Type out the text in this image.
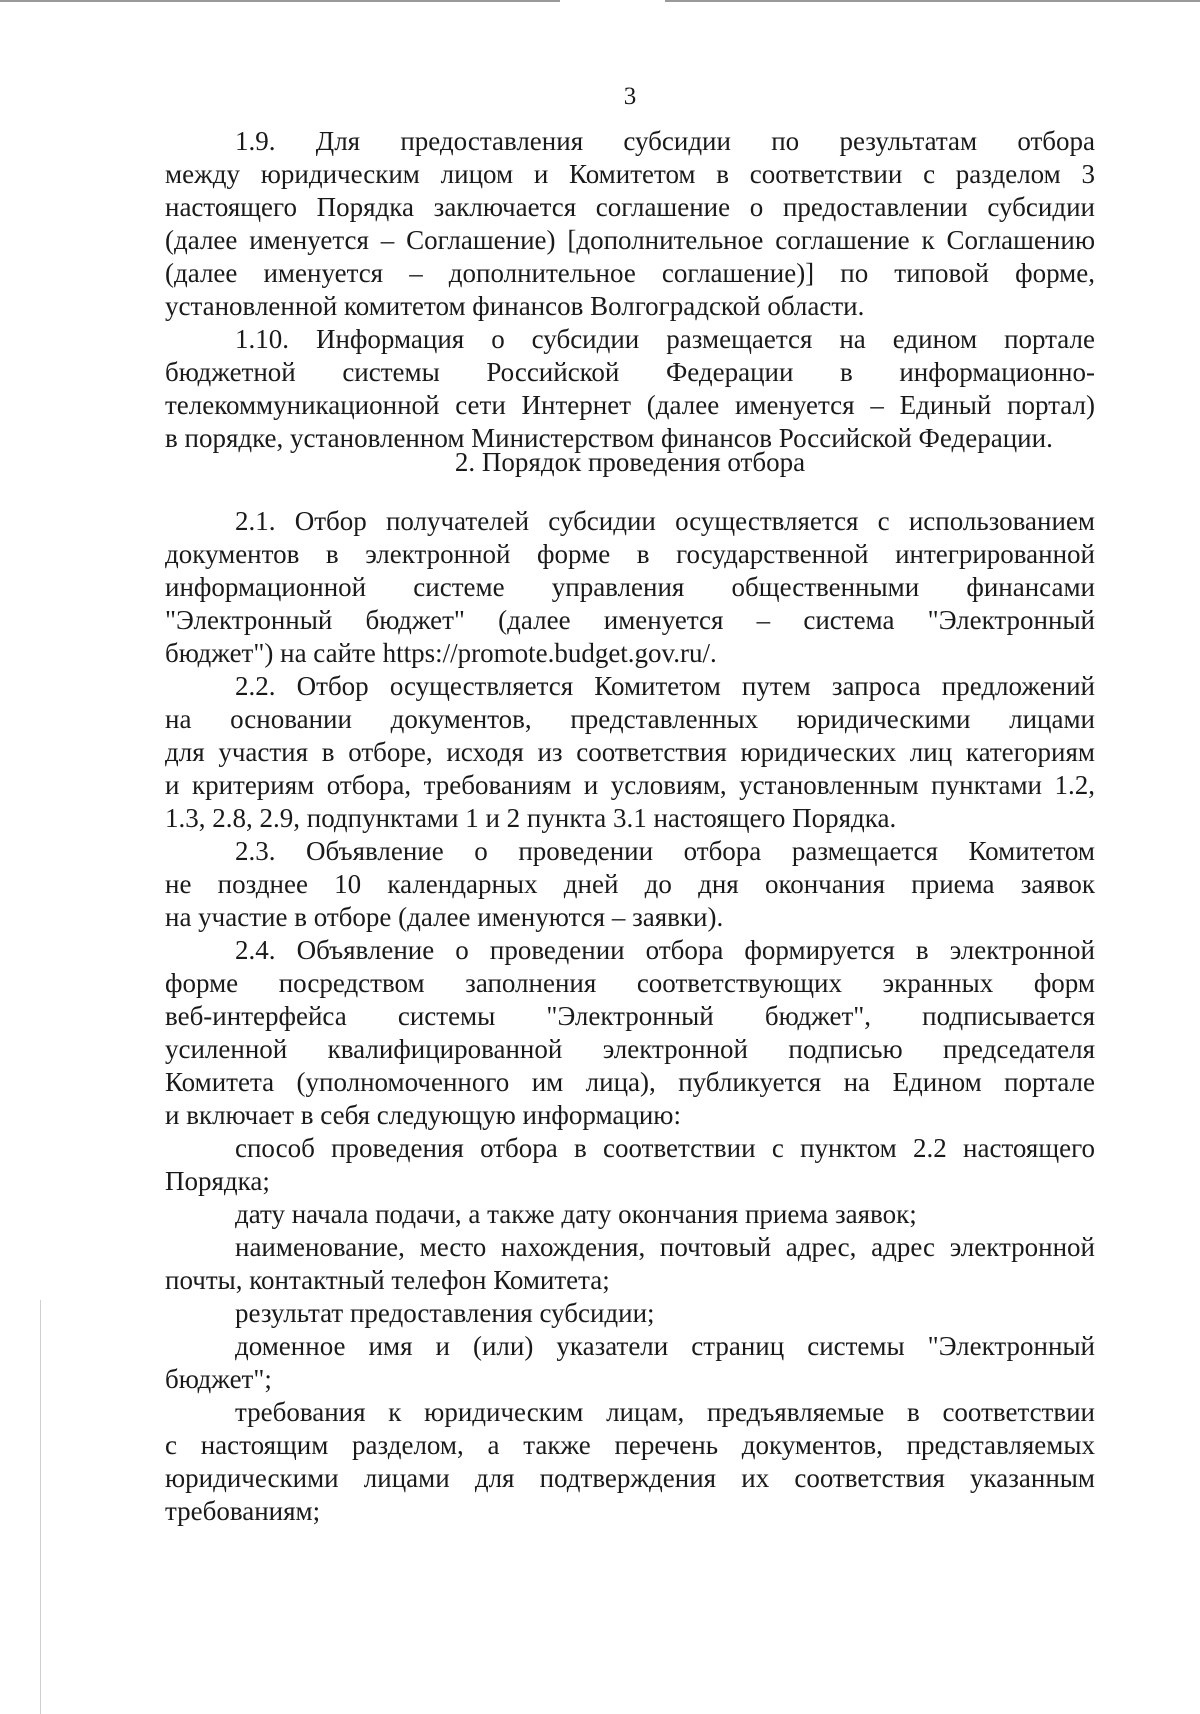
3
1.9. Для предоставления субсидии по результатам отбора
между юридическим лицом и Комитетом в соответствии с разделом 3
настоящего Порядка заключается соглашение о предоставлении субсидии
(далее именуется – Соглашение) [дополнительное соглашение к Соглашению
(далее именуется – дополнительное соглашение)] по типовой форме,
установленной комитетом финансов Волгоградской области.
1.10. Информация о субсидии размещается на едином портале
бюджетной системы Российской Федерации в информационно-
телекоммуникационной сети Интернет (далее именуется – Единый портал)
в порядке, установленном Министерством финансов Российской Федерации.
2. Порядок проведения отбора
2.1. Отбор получателей субсидии осуществляется с использованием
документов в электронной форме в государственной интегрированной
информационной системе управления общественными финансами
"Электронный бюджет" (далее именуется – система "Электронный
бюджет") на сайте https://promote.budget.gov.ru/.
2.2. Отбор осуществляется Комитетом путем запроса предложений
на основании документов, представленных юридическими лицами
для участия в отборе, исходя из соответствия юридических лиц категориям
и критериям отбора, требованиям и условиям, установленным пунктами 1.2,
1.3, 2.8, 2.9, подпунктами 1 и 2 пункта 3.1 настоящего Порядка.
2.3. Объявление о проведении отбора размещается Комитетом
не позднее 10 календарных дней до дня окончания приема заявок
на участие в отборе (далее именуются – заявки).
2.4. Объявление о проведении отбора формируется в электронной
форме посредством заполнения соответствующих экранных форм
веб-интерфейса системы "Электронный бюджет", подписывается
усиленной квалифицированной электронной подписью председателя
Комитета (уполномоченного им лица), публикуется на Едином портале
и включает в себя следующую информацию:
способ проведения отбора в соответствии с пунктом 2.2 настоящего
Порядка;
дату начала подачи, а также дату окончания приема заявок;
наименование, место нахождения, почтовый адрес, адрес электронной
почты, контактный телефон Комитета;
результат предоставления субсидии;
доменное имя и (или) указатели страниц системы "Электронный
бюджет";
требования к юридическим лицам, предъявляемые в соответствии
с настоящим разделом, а также перечень документов, представляемых
юридическими лицами для подтверждения их соответствия указанным
требованиям;
